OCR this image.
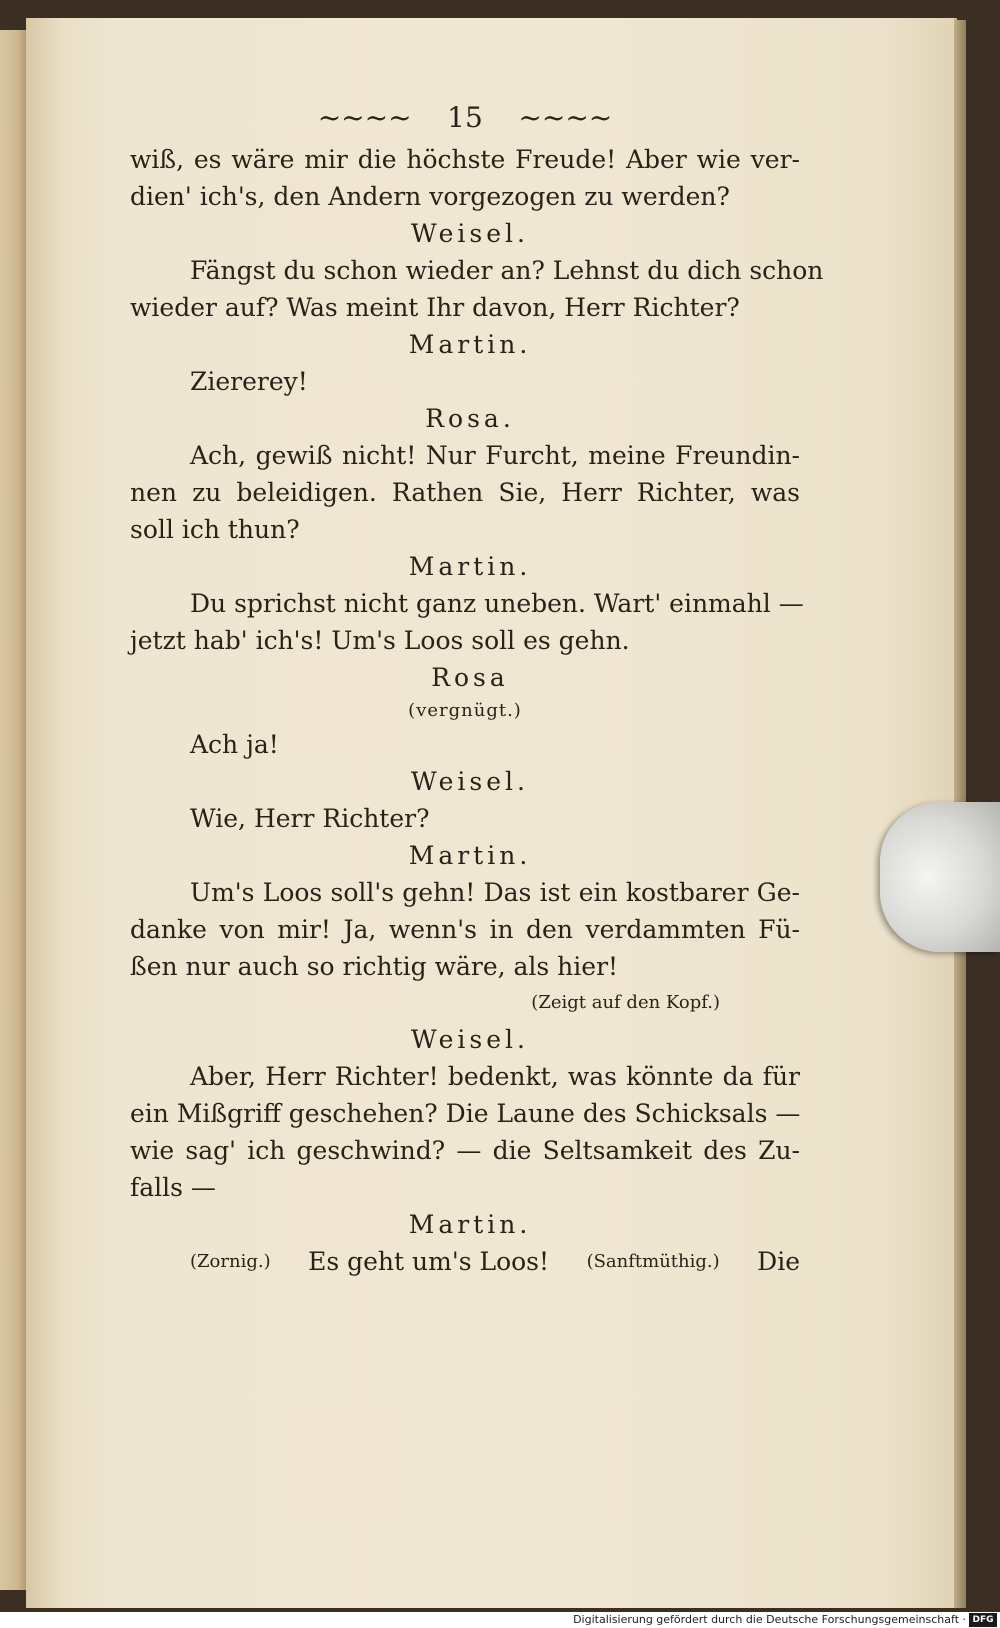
~~~~ 15 ~~~~
wiß, es wäre mir die höchste Freude! Aber wie ver-
dien' ich's, den Andern vorgezogen zu werden?
Weisel.
Fängst du schon wieder an? Lehnst du dich schon
wieder auf? Was meint Ihr davon, Herr Richter?
Martin.
Ziererey!
Rosa.
Ach, gewiß nicht! Nur Furcht, meine Freundin-
nen zu beleidigen. Rathen Sie, Herr Richter, was
soll ich thun?
Martin.
Du sprichst nicht ganz uneben. Wart' einmahl —
jetzt hab' ich's! Um's Loos soll es gehn.
Rosa
(vergnügt.)
Ach ja!
Weisel.
Wie, Herr Richter?
Martin.
Um's Loos soll's gehn! Das ist ein kostbarer Ge-
danke von mir! Ja, wenn's in den verdammten Fü-
ßen nur auch so richtig wäre, als hier!
(Zeigt auf den Kopf.)
Weisel.
Aber, Herr Richter! bedenkt, was könnte da für
ein Mißgriff geschehen? Die Laune des Schicksals —
wie sag' ich geschwind? — die Seltsamkeit des Zu-
falls —
Martin.
(Zornig.) Es geht um's Loos! (Sanftmüthig.) Die
Digitalisierung gefördert durch die Deutsche Forschungsgemeinschaft · DFG
